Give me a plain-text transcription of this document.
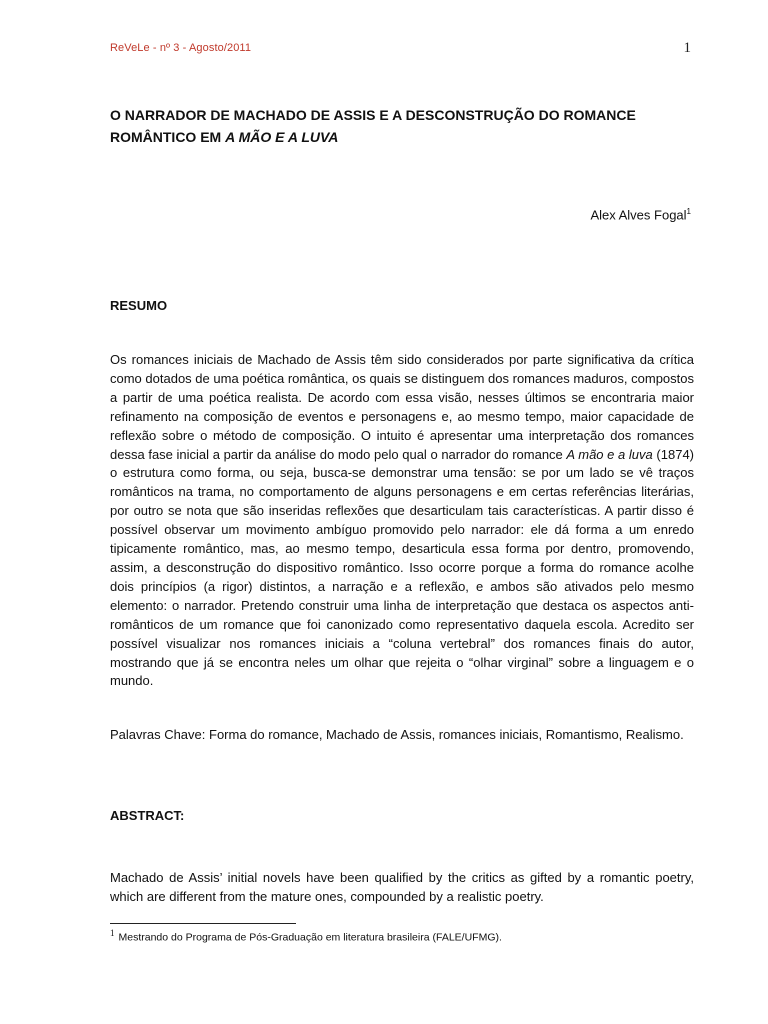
ReVeLe - nº 3 - Agosto/2011	1
O NARRADOR DE MACHADO DE ASSIS E A DESCONSTRUÇÃO DO ROMANCE ROMÂNTICO EM A MÃO E A LUVA
Alex Alves Fogal$^1$
RESUMO
Os romances iniciais de Machado de Assis têm sido considerados por parte significativa da crítica como dotados de uma poética romântica, os quais se distinguem dos romances maduros, compostos a partir de uma poética realista. De acordo com essa visão, nesses últimos se encontraria maior refinamento na composição de eventos e personagens e, ao mesmo tempo, maior capacidade de reflexão sobre o método de composição. O intuito é apresentar uma interpretação dos romances dessa fase inicial a partir da análise do modo pelo qual o narrador do romance A mão e a luva (1874) o estrutura como forma, ou seja, busca-se demonstrar uma tensão: se por um lado se vê traços românticos na trama, no comportamento de alguns personagens e em certas referências literárias, por outro se nota que são inseridas reflexões que desarticulam tais características. A partir disso é possível observar um movimento ambíguo promovido pelo narrador: ele dá forma a um enredo tipicamente romântico, mas, ao mesmo tempo, desarticula essa forma por dentro, promovendo, assim, a desconstrução do dispositivo romântico. Isso ocorre porque a forma do romance acolhe dois princípios (a rigor) distintos, a narração e a reflexão, e ambos são ativados pelo mesmo elemento: o narrador. Pretendo construir uma linha de interpretação que destaca os aspectos anti-românticos de um romance que foi canonizado como representativo daquela escola. Acredito ser possível visualizar nos romances iniciais a “coluna vertebral” dos romances finais do autor, mostrando que já se encontra neles um olhar que rejeita o “olhar virginal” sobre a linguagem e o mundo.
Palavras Chave: Forma do romance, Machado de Assis, romances iniciais, Romantismo, Realismo.
ABSTRACT:
Machado de Assis’ initial novels have been qualified by the critics as gifted by a romantic poetry, which are different from the mature ones, compounded by a realistic poetry.
1 Mestrando do Programa de Pós-Graduação em literatura brasileira (FALE/UFMG).
